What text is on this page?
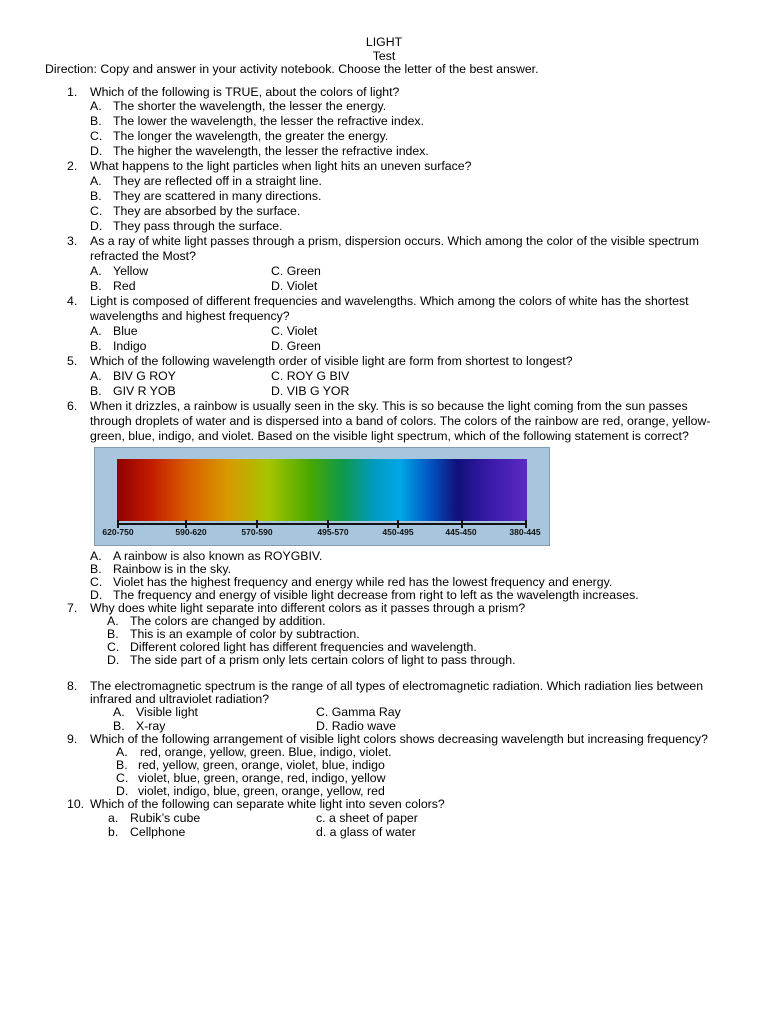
LIGHT
Test
Direction: Copy and answer in your activity notebook. Choose the letter of the best answer.
1. Which of the following is TRUE, about the colors of light?
A. The shorter the wavelength, the lesser the energy.
B. The lower the wavelength, the lesser the refractive index.
C. The longer the wavelength, the greater the energy.
D. The higher the wavelength, the lesser the refractive index.
2. What happens to the light particles when light hits an uneven surface?
A. They are reflected off in a straight line.
B. They are scattered in many directions.
C. They are absorbed by the surface.
D. They pass through the surface.
3. As a ray of white light passes through a prism, dispersion occurs. Which among the color of the visible spectrum
refracted the Most?
A. Yellow	C. Green
B. Red	D. Violet
4. Light is composed of different frequencies and wavelengths. Which among the colors of white has the shortest
wavelengths and highest frequency?
A. Blue	C. Violet
B. Indigo	D. Green
5. Which of the following wavelength order of visible light are form from shortest to longest?
A. BIV G ROY	C. ROY G BIV
B. GIV R YOB	D. VIB G YOR
6. When it drizzles, a rainbow is usually seen in the sky. This is so because the light coming from the sun passes
through droplets of water and is dispersed into a band of colors. The colors of the rainbow are red, orange, yellow-
green, blue, indigo, and violet. Based on the visible light spectrum, which of the following statement is correct?
620-750	590-620	570-590	495-570	450-495	445-450	380-445
A. A rainbow is also known as ROYGBIV.
B. Rainbow is in the sky.
C. Violet has the highest frequency and energy while red has the lowest frequency and energy.
D. The frequency and energy of visible light decrease from right to left as the wavelength increases.
7. Why does white light separate into different colors as it passes through a prism?
A. The colors are changed by addition.
B. This is an example of color by subtraction.
C. Different colored light has different frequencies and wavelength.
D. The side part of a prism only lets certain colors of light to pass through.
8. The electromagnetic spectrum is the range of all types of electromagnetic radiation. Which radiation lies between
infrared and ultraviolet radiation?
A. Visible light	C. Gamma Ray
B. X-ray	D. Radio wave
9. Which of the following arrangement of visible light colors shows decreasing wavelength but increasing frequency?
A. red, orange, yellow, green. Blue, indigo, violet.
B. red, yellow, green, orange, violet, blue, indigo
C. violet, blue, green, orange, red, indigo, yellow
D. violet, indigo, blue, green, orange, yellow, red
10. Which of the following can separate white light into seven colors?
a. Rubik’s cube	c. a sheet of paper
b. Cellphone	d. a glass of water
